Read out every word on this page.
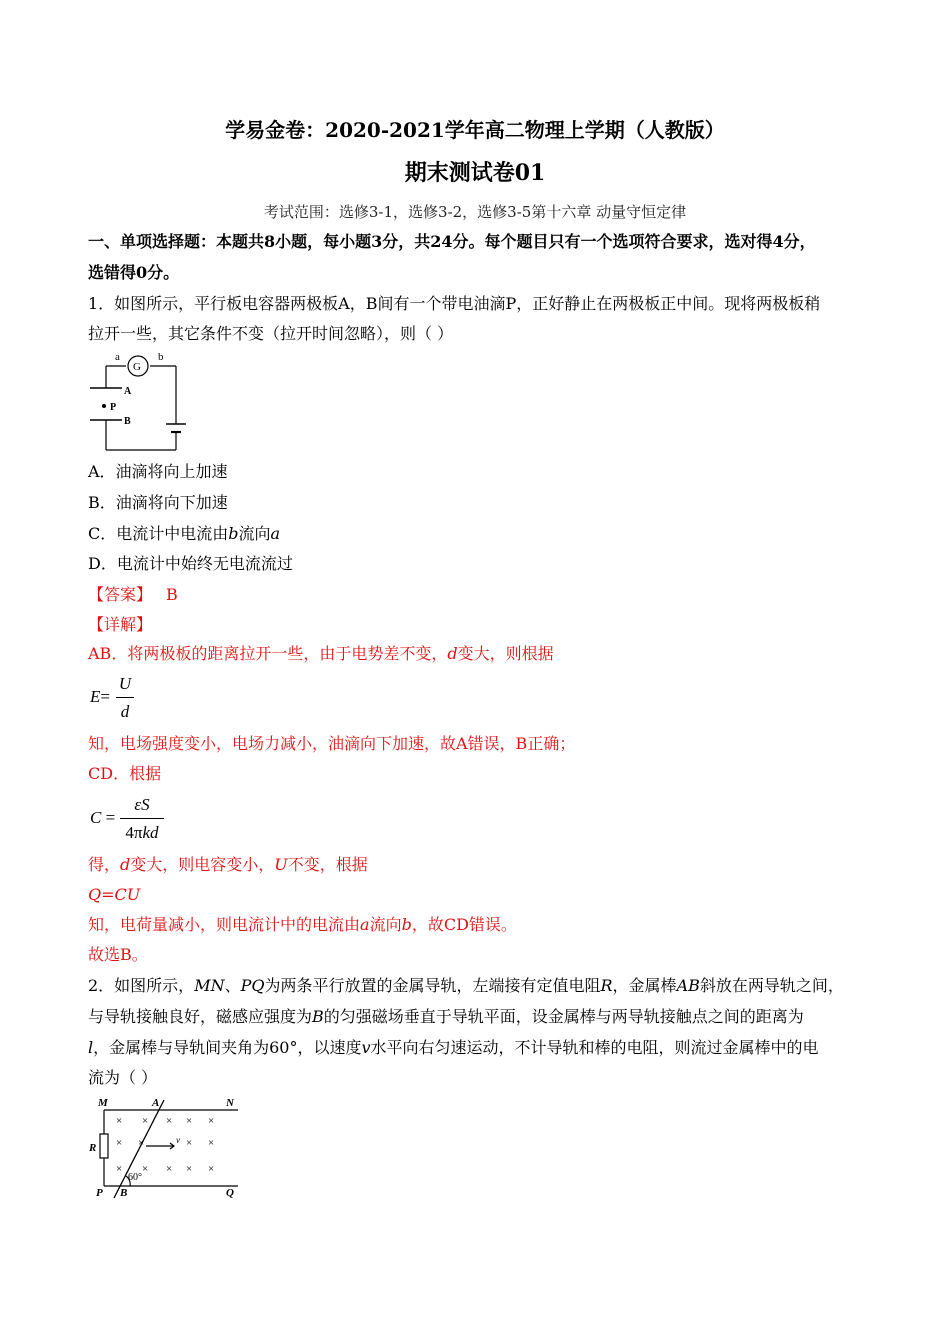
学易金卷：2020-2021学年高二物理上学期（人教版）
期末测试卷01
考试范围：选修3-1，选修3-2，选修3-5第十六章 动量守恒定律
一、单项选择题：本题共8小题，每小题3分，共24分。每个题目只有一个选项符合要求，选对得4分，
选错得0分。
1．如图所示，平行板电容器两极板A，B间有一个带电油滴P，正好静止在两极板正中间。现将两极板稍
拉开一些，其它条件不变（拉开时间忽略），则（ ）
a	b
G
A
P
B
A．油滴将向上加速
B．油滴将向下加速
C．电流计中电流由b流向a
D．电流计中始终无电流流过
【答案】 B
【详解】
AB．将两极板的距离拉开一些，由于电势差不变，d变大，则根据
E=
U
d
知，电场强度变小，电场力减小，油滴向下加速，故A错误，B正确；
CD．根据
C =
εS
4πkd
得，d变大，则电容变小，U不变，根据
Q=CU
知，电荷量减小，则电流计中的电流由a流向b，故CD错误。
故选B。
2．如图所示，MN、PQ为两条平行放置的金属导轨，左端接有定值电阻R，金属棒AB斜放在两导轨之间，
与导轨接触良好，磁感应强度为B的匀强磁场垂直于导轨平面，设金属棒与两导轨接触点之间的距离为
l，金属棒与导轨间夹角为60°，以速度v水平向右匀速运动，不计导轨和棒的电阻，则流过金属棒中的电
流为（ ）
× × × × ×
× ×	× ×
× × × × ×
M	A	N
R
v
60°
P B	Q
